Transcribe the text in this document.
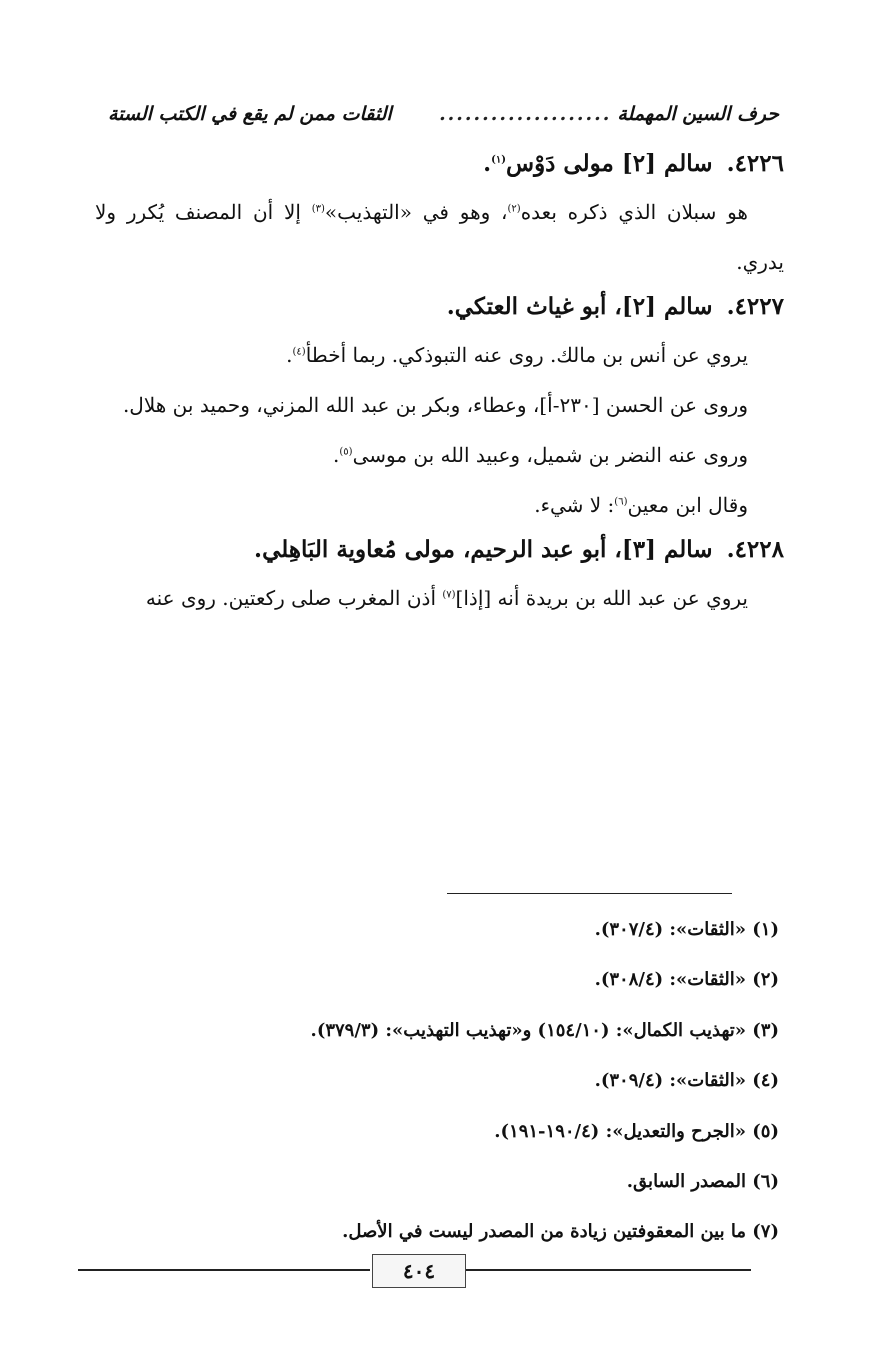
حرف السين المهملة
....................
الثقات ممن لم يقع في الكتب الستة
٤٢٢٦. سالم [٢] مولى دَوْس$^{(١)}$.

هو سبلان الذي ذكره بعده$^{(٢)}$، وهو في «التهذيب»$^{(٣)}$ إلا أن المصنف يُكرر ولا يدري.

٤٢٢٧. سالم [٢]، أبو غياث العتكي.

يروي عن أنس بن مالك. روى عنه التبوذكي. ربما أخطأ$^{(٤)}$.

وروى عن الحسن [٢٣٠-أ]، وعطاء، وبكر بن عبد الله المزني، وحميد بن هلال.

وروى عنه النضر بن شميل، وعبيد الله بن موسى$^{(٥)}$.

وقال ابن معين$^{(٦)}$: لا شيء.

٤٢٢٨. سالم [٣]، أبو عبد الرحيم، مولى مُعاوية البَاهِلي.

يروي عن عبد الله بن بريدة أنه [إذا]$^{(٧)}$ أذن المغرب صلى ركعتين. روى عنه

(١) «الثقات»: (٣٠٧/٤).

(٢) «الثقات»: (٣٠٨/٤).

(٣) «تهذيب الكمال»: (١٥٤/١٠) و«تهذيب التهذيب»: (٣٧٩/٣).

(٤) «الثقات»: (٣٠٩/٤).

(٥) «الجرح والتعديل»: (١٩٠/٤-١٩١).

(٦) المصدر السابق.

(٧) ما بين المعقوفتين زيادة من المصدر ليست في الأصل.

٤٠٤
